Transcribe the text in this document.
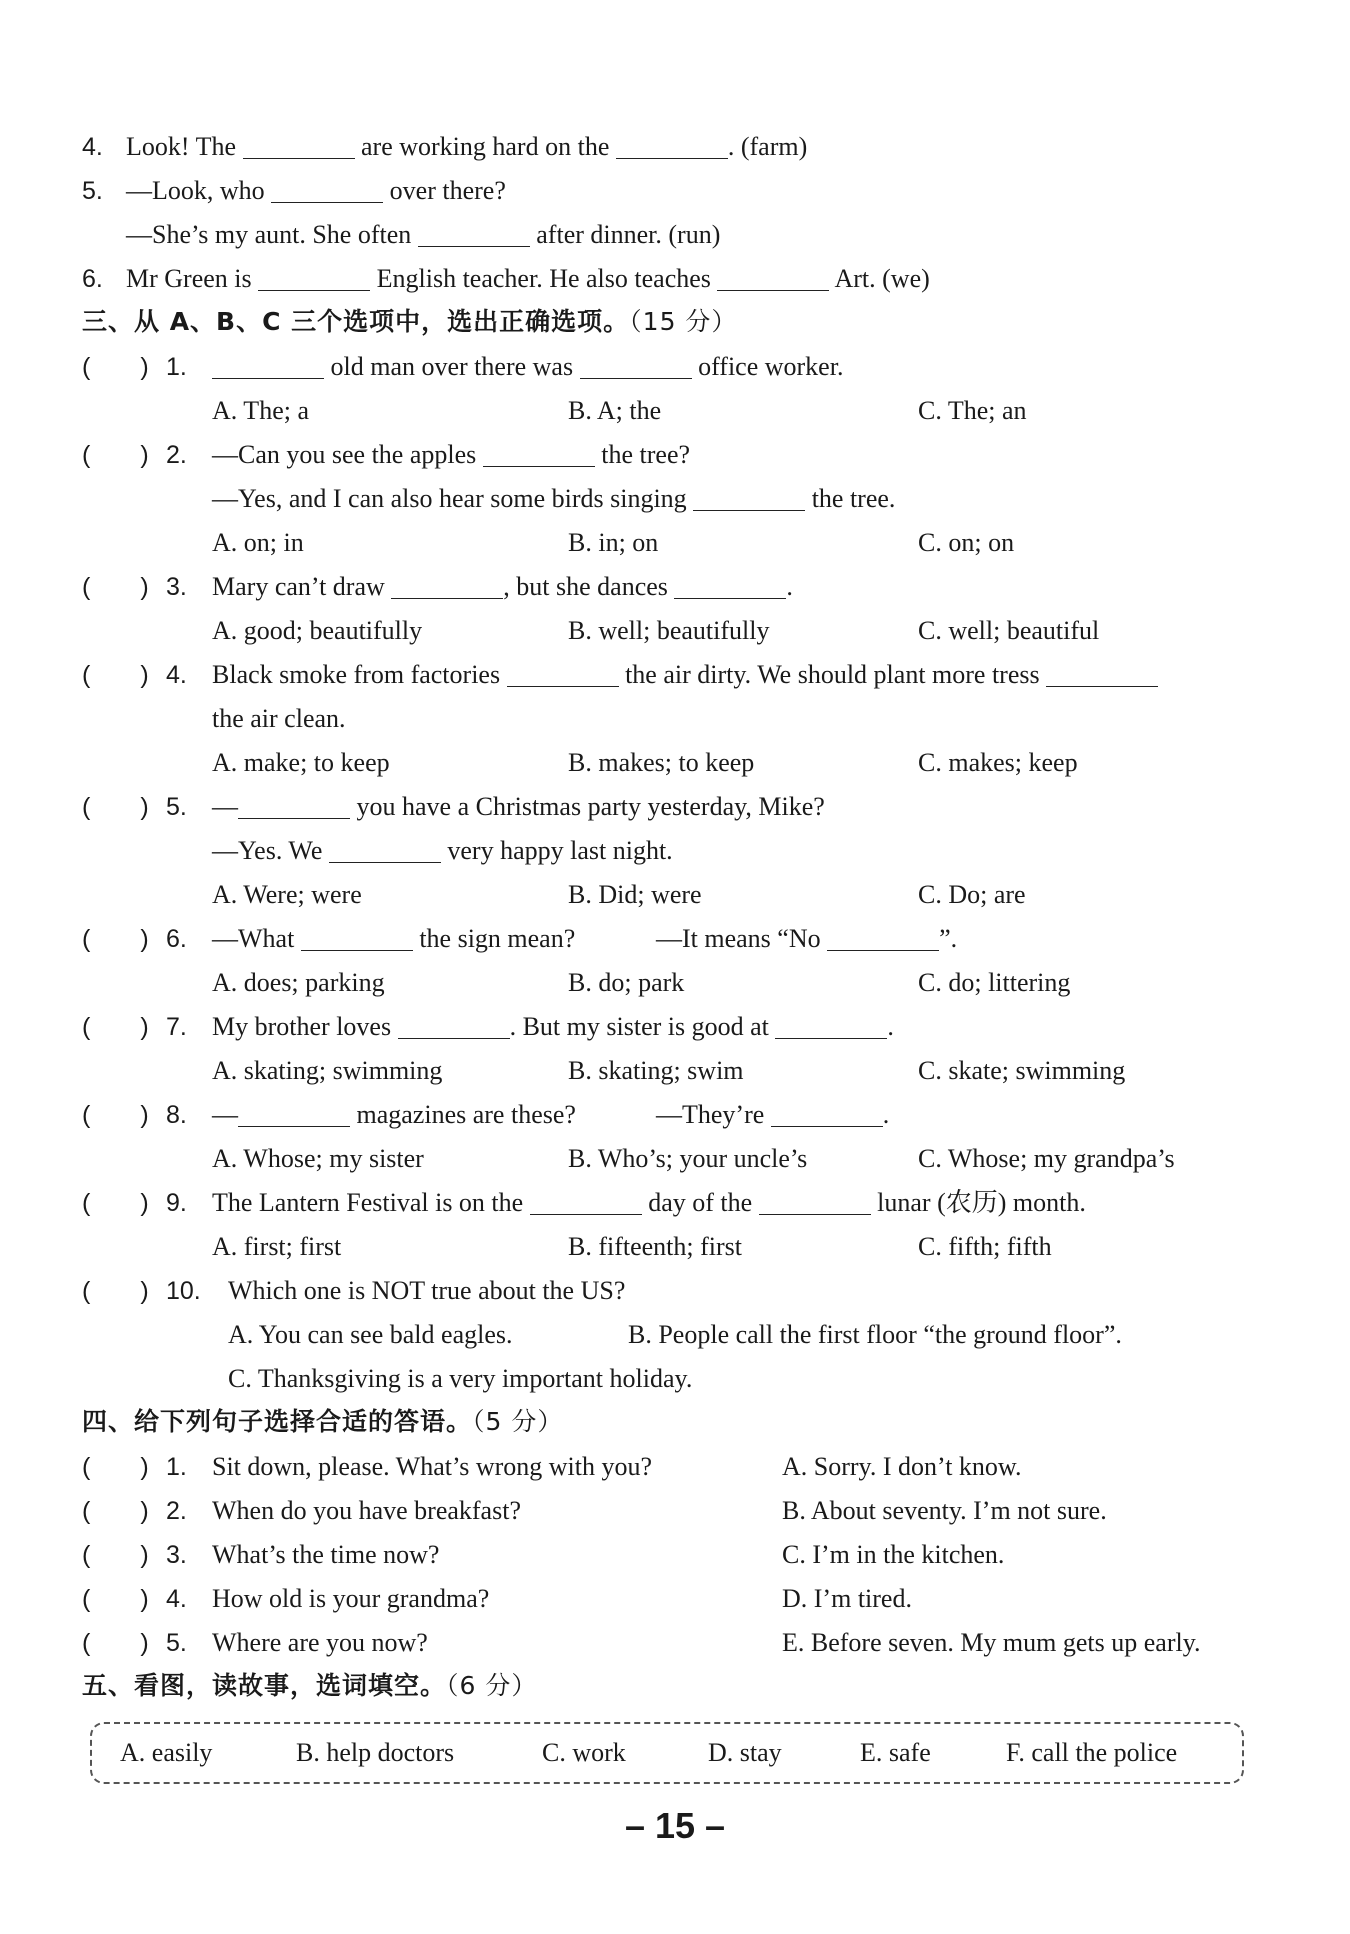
4. Look! The	are working hard on the	. (farm)
5. —Look, who	over there?
—She’s my aunt. She often	after dinner. (run)
6. Mr Green is	English teacher. He also teaches	Art. (we)
三、从 A、B、C 三个选项中，选出正确选项。（15 分）
(　　) 1.	old man over there was	office worker.
A. The; a	B. A; the	C. The; an
(　　) 2. —Can you see the apples	the tree?
—Yes, and I can also hear some birds singing	the tree.
A. on; in	B. in; on	C. on; on
(　　) 3. Mary can’t draw	, but she dances	.
A. good; beautifully	B. well; beautifully	C. well; beautiful
(　　) 4. Black smoke from factories	the air dirty. We should plant more tress
the air clean.
A. make; to keep	B. makes; to keep	C. makes; keep
(　　) 5. —	you have a Christmas party yesterday, Mike?
—Yes. We	very happy last night.
A. Were; were	B. Did; were	C. Do; are
(　　) 6. —What	the sign mean?	—It means “No	”.
A. does; parking	B. do; park	C. do; littering
(　　) 7. My brother loves	. But my sister is good at	.
A. skating; swimming	B. skating; swim	C. skate; swimming
(　　) 8. —	magazines are these?	—They’re	.
A. Whose; my sister	B. Who’s; your uncle’s	C. Whose; my grandpa’s
(　　) 9. The Lantern Festival is on the	day of the	lunar (农历) month.
A. first; first	B. fifteenth; first	C. fifth; fifth
(　　) 10. Which one is NOT true about the US?
A. You can see bald eagles.	B. People call the first floor “the ground floor”.
C. Thanksgiving is a very important holiday.
四、给下列句子选择合适的答语。（5 分）
(　　) 1. Sit down, please. What’s wrong with you?	A. Sorry. I don’t know.
(　　) 2. When do you have breakfast?	B. About seventy. I’m not sure.
(　　) 3. What’s the time now?	C. I’m in the kitchen.
(　　) 4. How old is your grandma?	D. I’m tired.
(　　) 5. Where are you now?	E. Before seven. My mum gets up early.
五、看图，读故事，选词填空。（6 分）
A. easily	B. help doctors	C. work	D. stay	E. safe	F. call the police
– 15 –
